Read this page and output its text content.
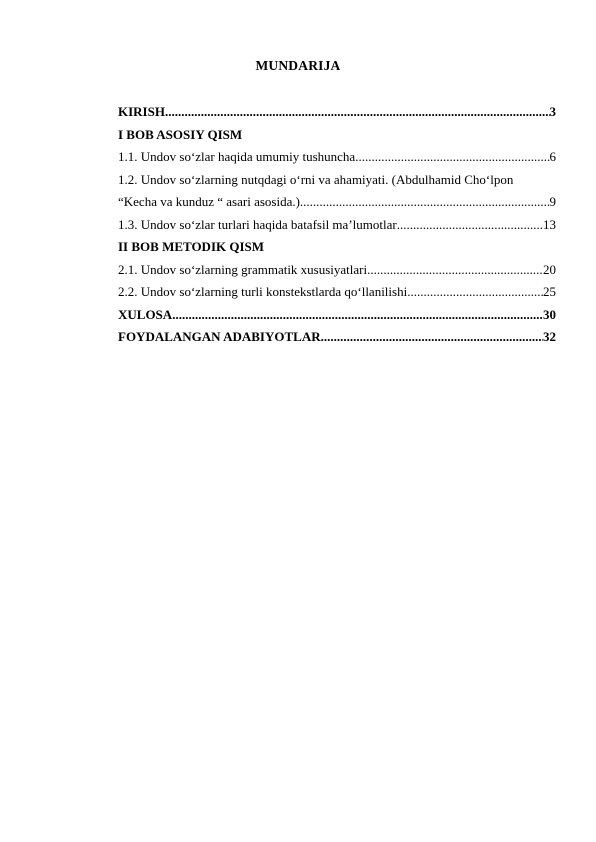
MUNDARIJA
KIRISH .....	3
I BOB ASOSIY QISM
1.1. Undov so‘zlar haqida umumiy tushuncha .....	6
1.2. Undov so‘zlarning nutqdagi o‘rni va ahamiyati. (Abdulhamid Cho‘lpon
“Kecha va kunduz “ asari asosida.) .....	9
1.3. Undov so‘zlar turlari haqida batafsil ma’lumotlar .....	13
II BOB METODIK QISM
2.1. Undov so‘zlarning grammatik xususiyatlari .....	20
2.2. Undov so‘zlarning turli konstekstlarda qo‘llanilishi .....	25
XULOSA .....	30
FOYDALANGAN ADABIYOTLAR .....	32
